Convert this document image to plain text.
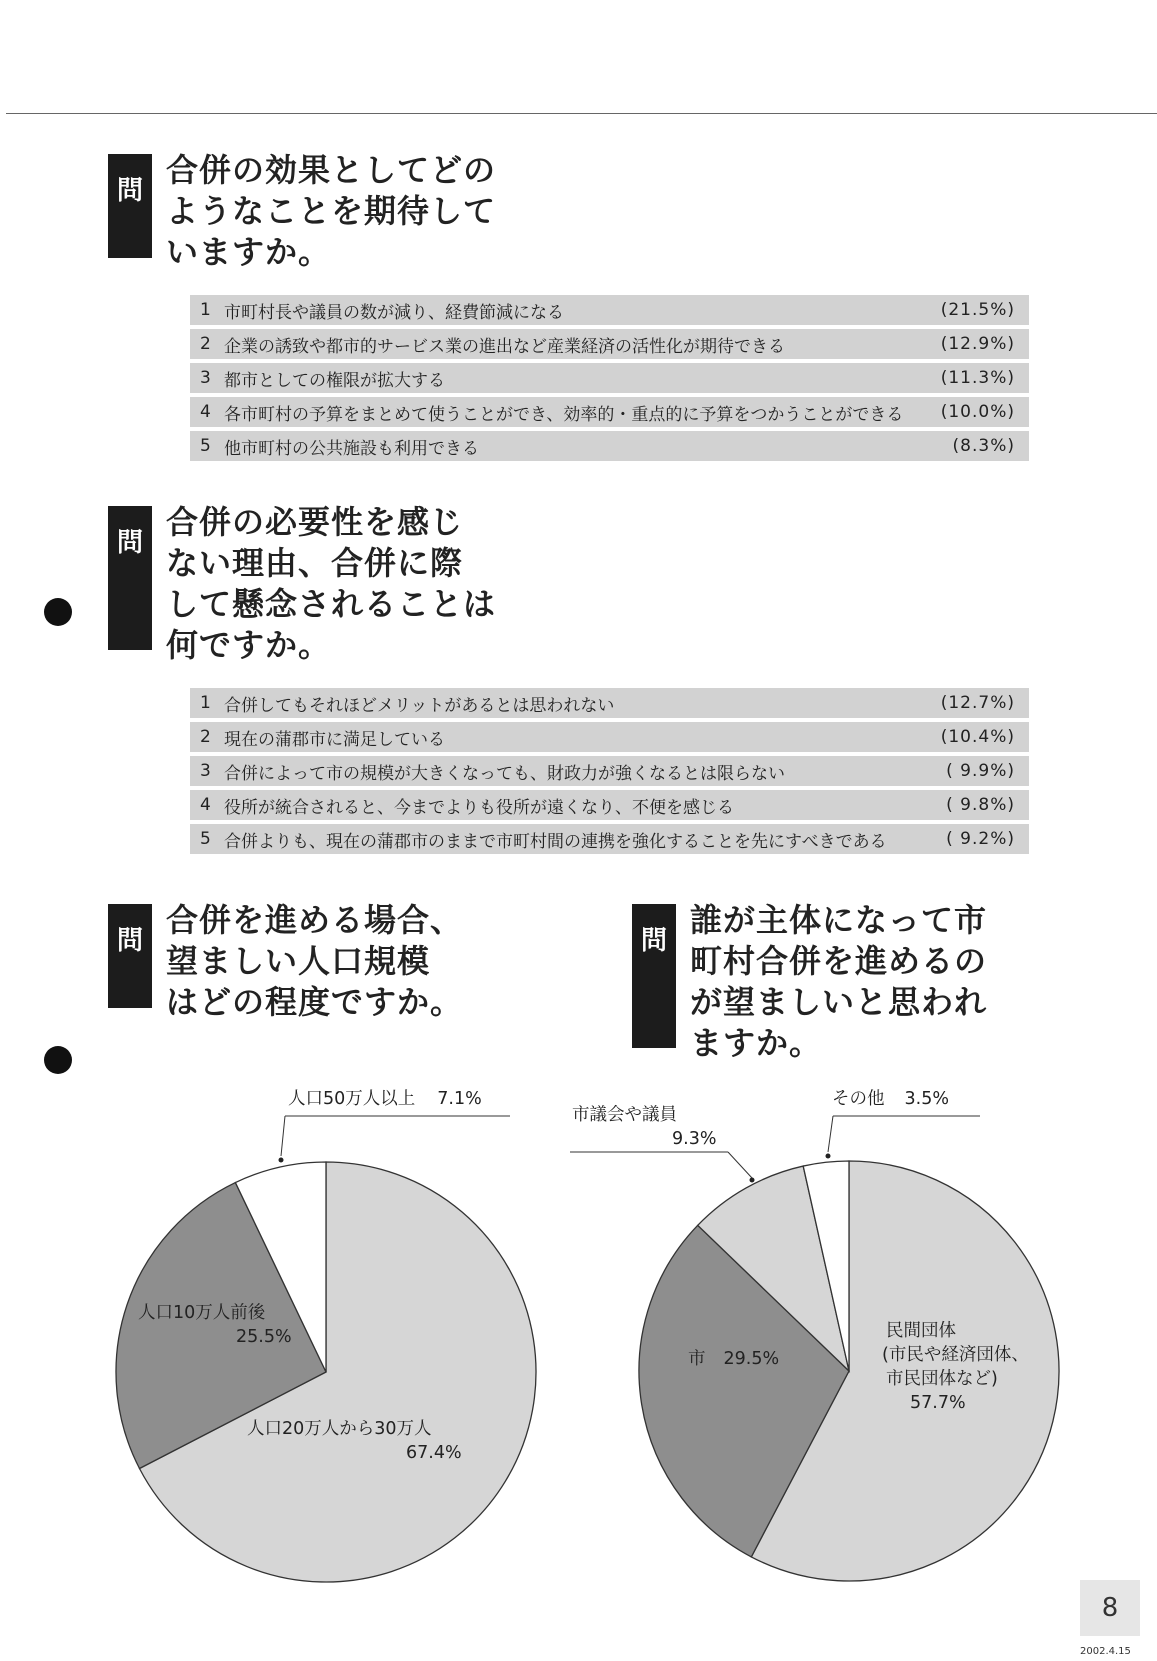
問
合併の効果としてどの
ようなことを期待して
いますか。
1 市町村長や議員の数が減り、経費節減になる	(21.5%)
2 企業の誘致や都市的サービス業の進出など産業経済の活性化が期待できる	(12.9%)
3 都市としての権限が拡大する	(11.3%)
4 各市町村の予算をまとめて使うことができ、効率的・重点的に予算をつかうことができる	(10.0%)
5 他市町村の公共施設も利用できる	(8.3%)
問
合併の必要性を感じ
ない理由、合併に際
して懸念されることは
何ですか。
1 合併してもそれほどメリットがあるとは思われない	(12.7%)
2 現在の蒲郡市に満足している	(10.4%)
3 合併によって市の規模が大きくなっても、財政力が強くなるとは限らない	( 9.9%)
4 役所が統合されると、今までよりも役所が遠くなり、不便を感じる	( 9.8%)
5 合併よりも、現在の蒲郡市のままで市町村間の連携を強化することを先にすべきである	( 9.2%)
問
合併を進める場合、
望ましい人口規模
はどの程度ですか。
問
誰が主体になって市
町村合併を進めるの
が望ましいと思われ
ますか。
人口50万人以上 7.1%
人口10万人前後
25.5%
人口20万人から30万人
67.4%
その他 3.5%
市議会や議員
9.3%
市 29.5%
民間団体
(市民や経済団体、
市民団体など)
57.7%
8
2002.4.15
